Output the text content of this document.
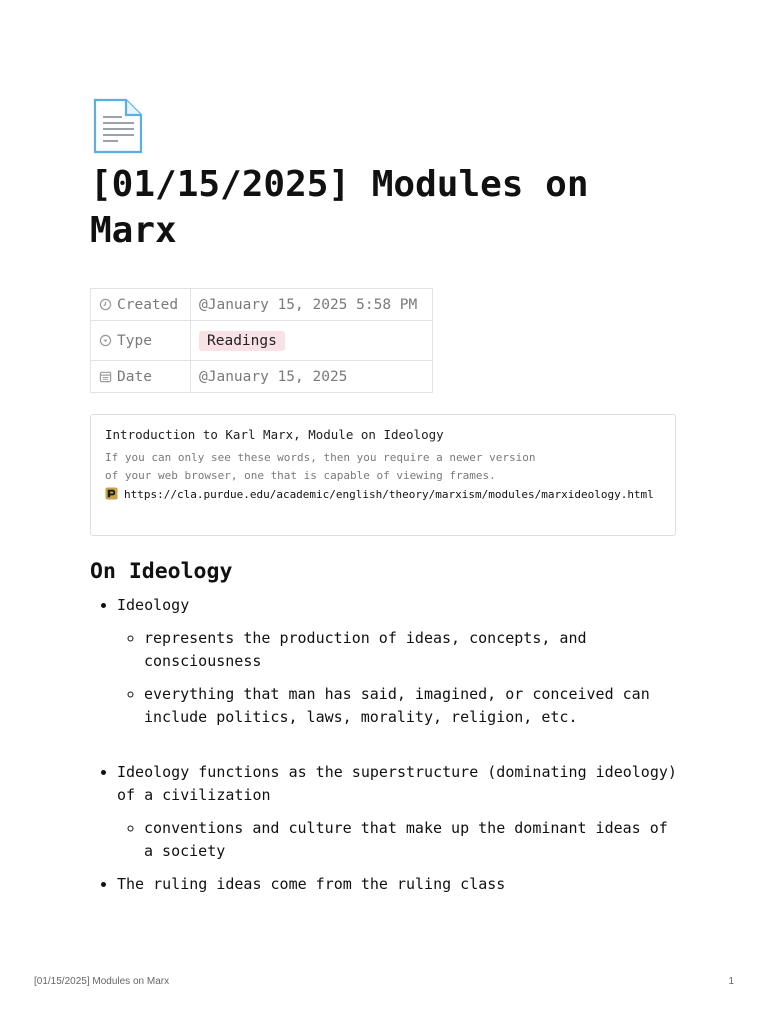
[01/15/2025] Modules on Marx
Created	@January 15, 2025 5:58 PM
Type	Readings
Date	@January 15, 2025
Introduction to Karl Marx, Module on Ideology
If you can only see these words, then you require a newer version of your web browser, one that is capable of viewing frames.
https://cla.purdue.edu/academic/english/theory/marxism/modules/marxideology.html
On Ideology
• Ideology
◦ represents the production of ideas, concepts, and consciousness
◦ everything that man has said, imagined, or conceived can include politics, laws, morality, religion, etc.
• Ideology functions as the superstructure (dominating ideology) of a civilization
◦ conventions and culture that make up the dominant ideas of a society
• The ruling ideas come from the ruling class
[01/15/2025] Modules on Marx	1
